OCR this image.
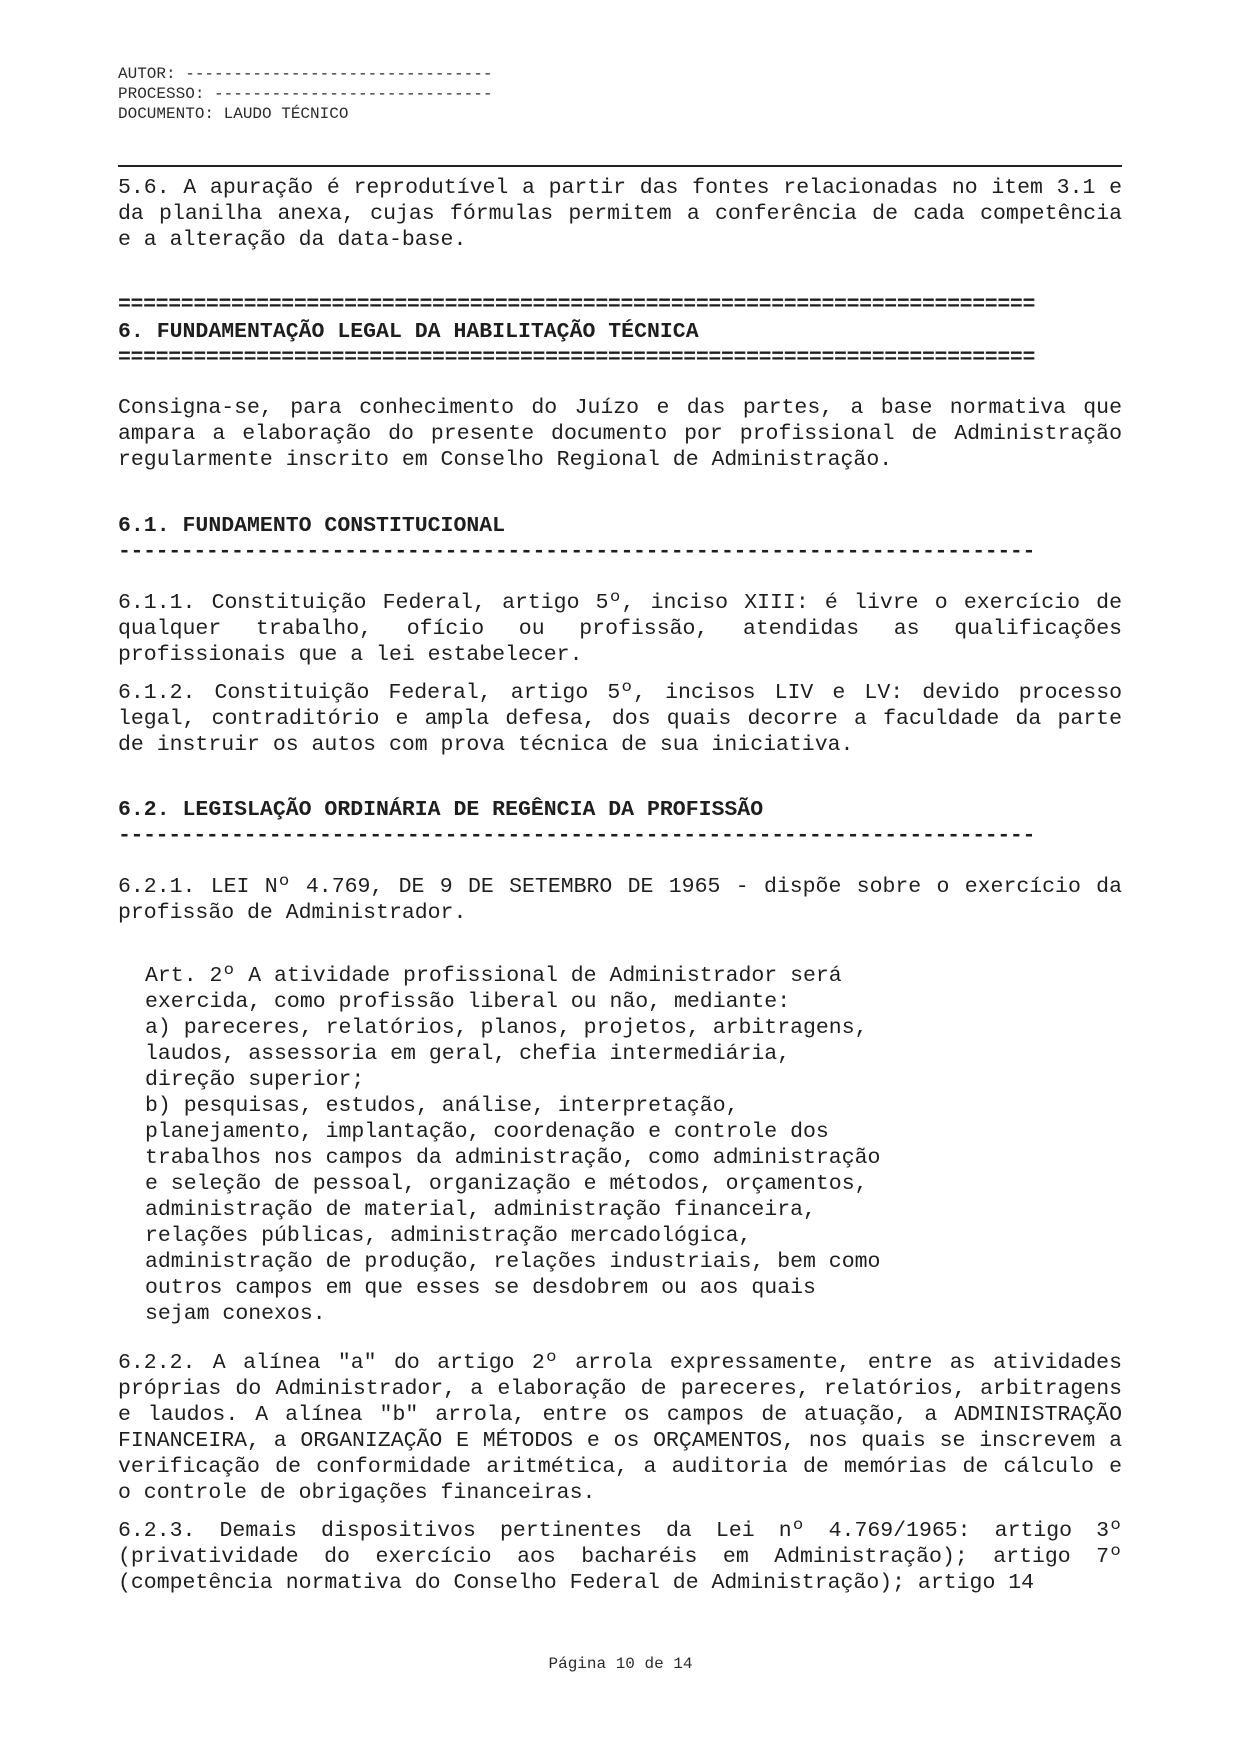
AUTOR: --------------------------------
PROCESSO: -----------------------------
DOCUMENTO: LAUDO TÉCNICO
5.6. A apuração é reprodutível a partir das fontes relacionadas no item 3.1 e da planilha anexa, cujas fórmulas permitem a conferência de cada competência e a alteração da data-base.
=========================================================================
6. FUNDAMENTAÇÃO LEGAL DA HABILITAÇÃO TÉCNICA
=========================================================================
Consigna-se, para conhecimento do Juízo e das partes, a base normativa que ampara a elaboração do presente documento por profissional de Administração regularmente inscrito em Conselho Regional de Administração.
6.1. FUNDAMENTO CONSTITUCIONAL
-------------------------------------------------------------------------
6.1.1. Constituição Federal, artigo 5º, inciso XIII: é livre o exercício de qualquer trabalho, ofício ou profissão, atendidas as qualificações profissionais que a lei estabelecer.
6.1.2. Constituição Federal, artigo 5º, incisos LIV e LV: devido processo legal, contraditório e ampla defesa, dos quais decorre a faculdade da parte de instruir os autos com prova técnica de sua iniciativa.
6.2. LEGISLAÇÃO ORDINÁRIA DE REGÊNCIA DA PROFISSÃO
-------------------------------------------------------------------------
6.2.1. LEI Nº 4.769, DE 9 DE SETEMBRO DE 1965 - dispõe sobre o exercício da profissão de Administrador.
Art. 2º A atividade profissional de Administrador será
exercida, como profissão liberal ou não, mediante:
a) pareceres, relatórios, planos, projetos, arbitragens,
laudos, assessoria em geral, chefia intermediária,
direção superior;
b) pesquisas, estudos, análise, interpretação,
planejamento, implantação, coordenação e controle dos
trabalhos nos campos da administração, como administração
e seleção de pessoal, organização e métodos, orçamentos,
administração de material, administração financeira,
relações públicas, administração mercadológica,
administração de produção, relações industriais, bem como
outros campos em que esses se desdobrem ou aos quais
sejam conexos.
6.2.2. A alínea "a" do artigo 2º arrola expressamente, entre as atividades próprias do Administrador, a elaboração de pareceres, relatórios, arbitragens e laudos. A alínea "b" arrola, entre os campos de atuação, a ADMINISTRAÇÃO FINANCEIRA, a ORGANIZAÇÃO E MÉTODOS e os ORÇAMENTOS, nos quais se inscrevem a verificação de conformidade aritmética, a auditoria de memórias de cálculo e o controle de obrigações financeiras.
6.2.3. Demais dispositivos pertinentes da Lei nº 4.769/1965: artigo 3º (privatividade do exercício aos bacharéis em Administração); artigo 7º (competência normativa do Conselho Federal de Administração); artigo 14
Página 10 de 14
